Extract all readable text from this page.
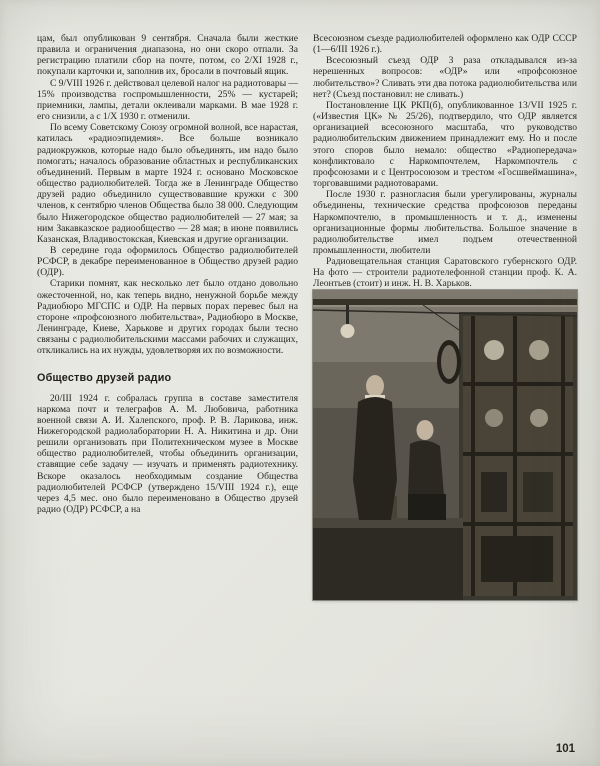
цам, был опубликован 9 сентября. Сначала были жесткие правила и ограничения диапазона, но они скоро отпали. За регистрацию платили сбор на почте, потом, со 2/XI 1928 г., покупали карточки и, заполнив их, бросали в почтовый ящик.

С 9/VIII 1926 г. действовал целевой налог на радиотовары — 15% производства госпромышленности, 25% — кустарей; приемники, лампы, детали оклеивали марками. В мае 1928 г. его снизили, а с 1/X 1930 г. отменили.

По всему Советскому Союзу огромной волной, все нарастая, катилась «радиоэпидемия». Все больше возникало радиокружков, которые надо было объединять, им надо было помогать; началось образование областных и республиканских объединений. Первым в марте 1924 г. основано Московское общество радиолюбителей. Тогда же в Ленинграде Общество друзей радио объединило существовавшие кружки с 300 членов, к сентябрю членов Общества было 38 000. Следующим было Нижегородское общество радиолюбителей — 27 мая; за ним Закавказское радиообщество — 28 мая; в июне появились Казанская, Владивостокская, Киевская и другие организации.

В середине года оформилось Общество радиолюбителей РСФСР, в декабре переименованное в Общество друзей радио (ОДР).

Старики помнят, как несколько лет было отдано довольно ожесточенной, но, как теперь видно, ненужной борьбе между Радиобюро МГСПС и ОДР. На первых порах перевес был на стороне «профсоюзного любительства», Радиобюро в Москве, Ленинграде, Киеве, Харькове и других городах были тесно связаны с радиолюбительскими массами рабочих и служащих, откликались на их нужды, удовлетворяя их по возможности.

Общество друзей радио

20/III 1924 г. собралась группа в составе заместителя наркома почт и телеграфов А. М. Любовича, работника военной связи А. И. Халепского, проф. Р. В. Ларикова, инж. Нижегородской радиолаборатории Н. А. Никитина и др. Они решили организовать при Политехническом музее в Москве общество радиолюбителей, чтобы объединить организации, ставящие себе задачу — изучать и применять радиотехнику. Вскоре оказалось необходимым создание Общества радиолюбителей РСФСР (утверждено 15/VIII 1924 г.), еще через 4,5 мес. оно было переименовано в Общество друзей радио (ОДР) РСФСР, а на

Всесоюзном съезде радиолюбителей оформлено как ОДР СССР (1—6/III 1926 г.).

Всесоюзный съезд ОДР 3 раза откладывался из-за нерешенных вопросов: «ОДР» или «профсоюзное любительство»? Сливать эти два потока радиолюбительства или нет? (Съезд постановил: не сливать.)

Постановление ЦК РКП(б), опубликованное 13/VII 1925 г. («Известия ЦК» № 25/26), подтвердило, что ОДР является организацией всесоюзного масштаба, что руководство радиолюбительским движением принадлежит ему. Но и после этого споров было немало: общество «Радиопередача» конфликтовало с Наркомпочтелем, Наркомпочтель с профсоюзами и с Центросоюзом и трестом «Госшвеймашина», торговавшими радиотоварами.

После 1930 г. разногласия были урегулированы, журналы объединены, технические средства профсоюзов переданы Наркомпочтелю, в промышленность и т. д., изменены организационные формы любительства. Большое значение в радиолюбительстве имел подъем отечественной промышленности, любители

Радиовещательная станция Саратовского губернского ОДР. На фото — строители радиотелефонной станции проф. К. А. Леонтьев (стоит) и инж. Н. В. Харьков.

101
